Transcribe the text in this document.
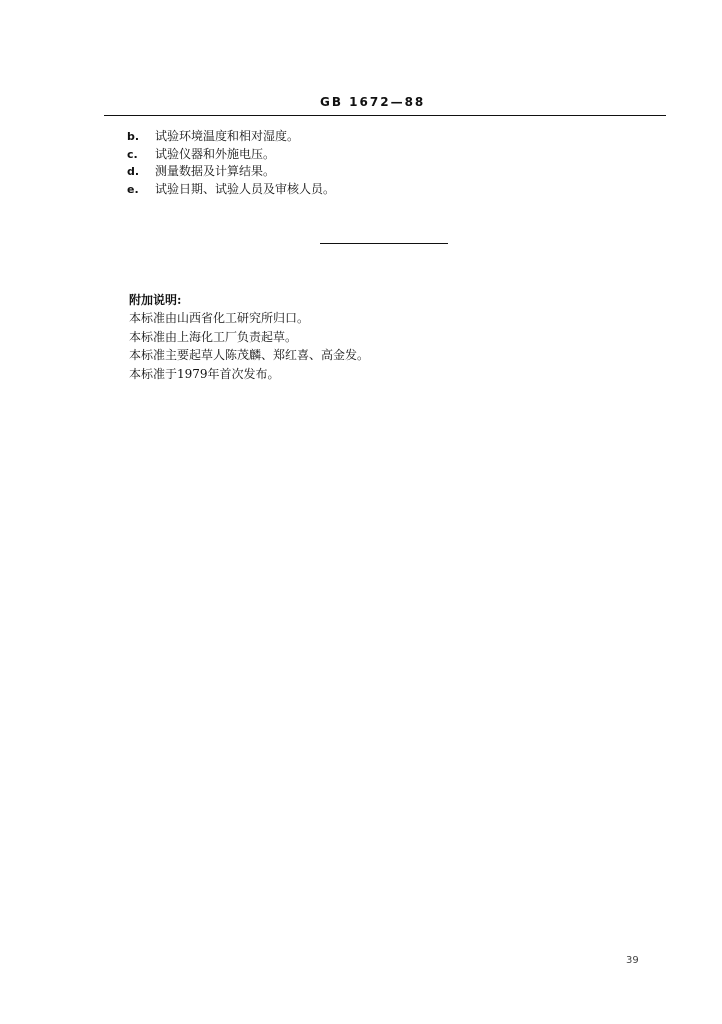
GB 1672—88
b. 试验环境温度和相对湿度。
c. 试验仪器和外施电压。
d. 测量数据及计算结果。
e. 试验日期、试验人员及审核人员。
附加说明:
本标准由山西省化工研究所归口。
本标准由上海化工厂负责起草。
本标准主要起草人陈茂麟、郑红喜、高金发。
本标准于1979年首次发布。
39
